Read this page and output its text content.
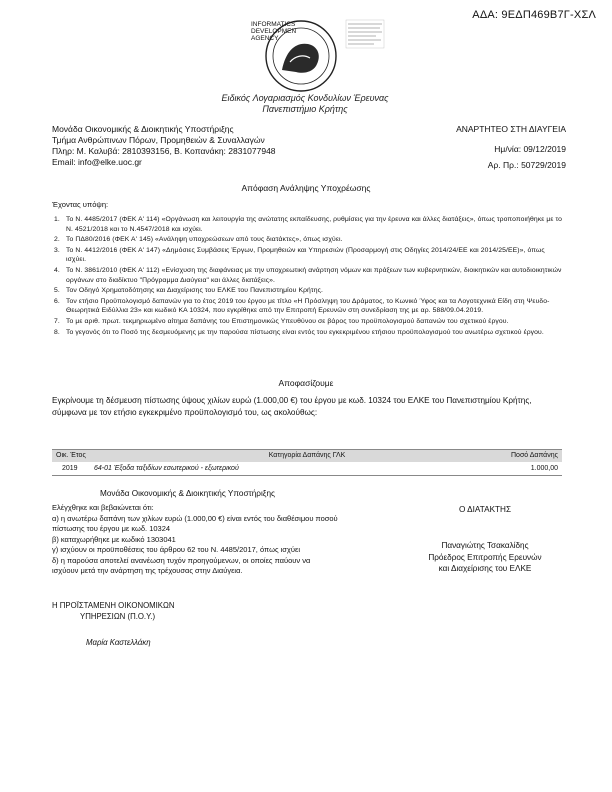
ΑΔΑ: 9ΕΔΠ469Β7Γ-ΧΣΛ
INFORMATICS
DEVELOPMEN
AGENCY
Ειδικός Λογαριασμός Κονδυλίων Έρευνας
Πανεπιστήμιο Κρήτης
Μονάδα Οικονομικής & Διοικητικής Υποστήριξης
Τμήμα Ανθρώπινων Πόρων, Προμηθειών & Συναλλαγών
Πληρ: Μ. Καλυβά: 2810393156, Β. Κοπανάκη: 2831077948
Email: info@elke.uoc.gr
ΑΝΑΡΤΗΤΕΟ ΣΤΗ ΔΙΑΥΓΕΙΑ
Ημ/νία: 09/12/2019
Αρ. Πρ.: 50729/2019
Απόφαση Ανάληψης Υποχρέωσης
Έχοντας υπόψη:
1. Το Ν. 4485/2017 (ΦΕΚ Α' 114) «Οργάνωση και λειτουργία της ανώτατης εκπαίδευσης, ρυθμίσεις για την έρευνα και άλλες διατάξεις», όπως τροποποιήθηκε με το Ν. 4521/2018 και το Ν.4547/2018 και ισχύει.
2. Το ΠΔ80/2016 (ΦΕΚ Α' 145) «Ανάληψη υποχρεώσεων από τους διατάκτες», όπως ισχύει.
3. Το Ν. 4412/2016 (ΦΕΚ Α' 147) «Δημόσιες Συμβάσεις Έργων, Προμηθειών και Υπηρεσιών (Προσαρμογή στις Οδηγίες 2014/24/ΕΕ και 2014/25/ΕΕ)», όπως ισχύει.
4. Το Ν. 3861/2010 (ΦΕΚ Α' 112) «Ενίσχυση της διαφάνειας με την υποχρεωτική ανάρτηση νόμων και πράξεων των κυβερνητικών, διοικητικών και αυτοδιοικητικών οργάνων στο διαδίκτυο "Πρόγραμμα Διαύγεια" και άλλες διατάξεις».
5. Τον Οδηγό Χρηματοδότησης και Διαχείρισης του ΕΛΚΕ του Πανεπιστημίου Κρήτης.
6. Τον ετήσιο Προϋπολογισμό δαπανών για το έτος 2019 του έργου με τίτλο «Η Πρόσληψη του Δράματος, το Κωνικό Ύφος και τα Λογοτεχνικά Είδη στη Ψευδο-Θεωρητικά Ειδύλλια 23» και κωδικό ΚΑ 10324, που εγκρίθηκε από την Επιτροπή Ερευνών στη συνεδρίαση της με αρ. 588/09.04.2019.
7. Το με αριθ. πρωτ. τεκμηριωμένο αίτημα δαπάνης του Επιστημονικώς Υπευθύνου σε βάρος του προϋπολογισμού δαπανών του σχετικού έργου.
8. Το γεγονός ότι το Ποσό της δεσμευόμενης με την παρούσα πίστωσης είναι εντός του εγκεκριμένου ετήσιου προϋπολογισμού του ανωτέρω σχετικού έργου.
Αποφασίζουμε
Εγκρίνουμε τη δέσμευση πίστωσης ύψους χιλίων ευρώ (1.000,00 €) του έργου με κωδ. 10324 του ΕΛΚΕ του Πανεπιστημίου Κρήτης, σύμφωνα με τον ετήσιο εγκεκριμένο προϋπολογισμό του, ως ακολούθως:
Οικ. Έτος	Κατηγορία Δαπάνης ΓΛΚ	Ποσό Δαπάνης
2019 64-01 Έξοδα ταξιδίων εσωτερικού - εξωτερικού	1.000,00
Μονάδα Οικονομικής & Διοικητικής Υποστήριξης
Ελέγχθηκε και βεβαιώνεται ότι:
α) η ανωτέρω δαπάνη των χιλίων ευρώ (1.000,00 €) είναι εντός του διαθέσιμου ποσού
πίστωσης του έργου με κωδ. 10324
β) καταχωρήθηκε με κωδικό 1303041
γ) ισχύουν οι προϋποθέσεις του άρθρου 62 του Ν. 4485/2017, όπως ισχύει
δ) η παρούσα αποτελεί ανανέωση τυχόν προηγούμενων, οι οποίες παύουν να
ισχύουν μετά την ανάρτηση της τρέχουσας στην Διαύγεια.
Ο ΔΙΑΤΑΚΤΗΣ
Παναγιώτης Τσακαλίδης
Πρόεδρος Επιτροπής Ερευνών
και Διαχείρισης του ΕΛΚΕ
Η ΠΡΟΪΣΤΑΜΕΝΗ ΟΙΚΟΝΟΜΙΚΩΝ
ΥΠΗΡΕΣΙΩΝ (Π.Ο.Υ.)
Μαρία Καστελλάκη
